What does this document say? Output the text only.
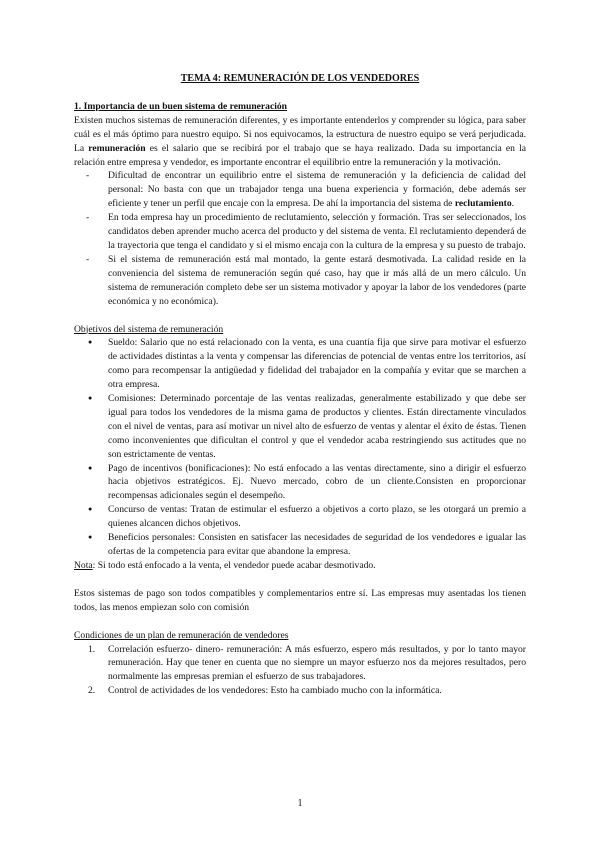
TEMA 4: REMUNERACIÓN DE LOS VENDEDORES

1. Importancia de un buen sistema de remuneración

Existen muchos sistemas de remuneración diferentes, y es importante entenderlos y comprender su lógica, para saber cuál es el más óptimo para nuestro equipo. Si nos equivocamos, la estructura de nuestro equipo se verá perjudicada. La remuneración es el salario que se recibirá por el trabajo que se haya realizado. Dada su importancia en la relación entre empresa y vendedor, es importante encontrar el equilibrio entre la remuneración y la motivación.

- Dificultad de encontrar un equilibrio entre el sistema de remuneración y la deficiencia de calidad del personal: No basta con que un trabajador tenga una buena experiencia y formación, debe además ser eficiente y tener un perfil que encaje con la empresa. De ahí la importancia del sistema de reclutamiento.
- En toda empresa hay un procedimiento de reclutamiento, selección y formación. Tras ser seleccionados, los candidatos deben aprender mucho acerca del producto y del sistema de venta. El reclutamiento dependerá de la trayectoria que tenga el candidato y si el mismo encaja con la cultura de la empresa y su puesto de trabajo.
- Si el sistema de remuneración está mal montado, la gente estará desmotivada. La calidad reside en la conveniencia del sistema de remuneración según qué caso, hay que ir más allá de un mero cálculo. Un sistema de remuneración completo debe ser un sistema motivador y apoyar la labor de los vendedores (parte económica y no económica).

Objetivos del sistema de remuneración

● Sueldo: Salario que no está relacionado con la venta, es una cuantía fija que sirve para motivar el esfuerzo de actividades distintas a la venta y compensar las diferencias de potencial de ventas entre los territorios, así como para recompensar la antigüedad y fidelidad del trabajador en la compañía y evitar que se marchen a otra empresa.
● Comisiones: Determinado porcentaje de las ventas realizadas, generalmente estabilizado y que debe ser igual para todos los vendedores de la misma gama de productos y clientes. Están directamente vinculados con el nivel de ventas, para así motivar un nivel alto de esfuerzo de ventas y alentar el éxito de éstas. Tienen como inconvenientes que dificultan el control y que el vendedor acaba restringiendo sus actitudes que no son estrictamente de ventas.
● Pago de incentivos (bonificaciones): No está enfocado a las ventas directamente, sino a dirigir el esfuerzo hacia objetivos estratégicos. Ej. Nuevo mercado, cobro de un cliente.Consisten en proporcionar recompensas adicionales según el desempeño.
● Concurso de ventas: Tratan de estimular el esfuerzo a objetivos a corto plazo, se les otorgará un premio a quienes alcancen dichos objetivos.
● Beneficios personales: Consisten en satisfacer las necesidades de seguridad de los vendedores e igualar las ofertas de la competencia para evitar que abandone la empresa.

Nota: Si todo está enfocado a la venta, el vendedor puede acabar desmotivado.

Estos sistemas de pago son todos compatibles y complementarios entre sí. Las empresas muy asentadas los tienen todos, las menos empiezan solo con comisión

Condiciones de un plan de remuneración de vendedores

1. Correlación esfuerzo- dinero- remuneración: A más esfuerzo, espero más resultados, y por lo tanto mayor remuneración. Hay que tener en cuenta que no siempre un mayor esfuerzo nos da mejores resultados, pero normalmente las empresas premian el esfuerzo de sus trabajadores.
2. Control de actividades de los vendedores: Esto ha cambiado mucho con la informática.
1
